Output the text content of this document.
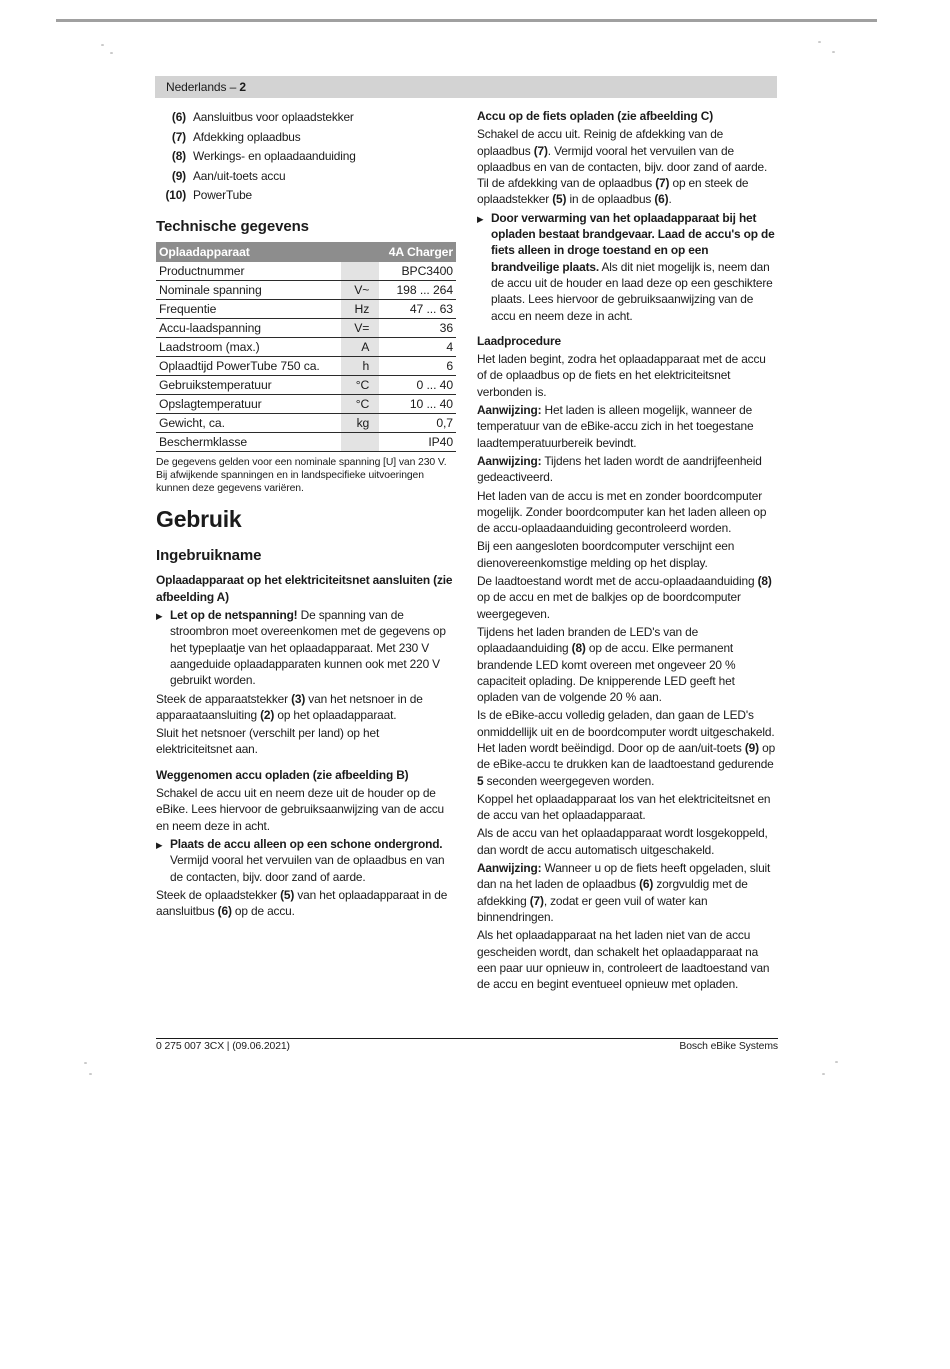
Nederlands – 2
(6) Aansluitbus voor oplaadstekker
(7) Afdekking oplaadbus
(8) Werkings- en oplaadaanduiding
(9) Aan/uit-toets accu
(10) PowerTube
Technische gegevens
Oplaadapparaat		4A Charger
Productnummer		BPC3400
Nominale spanning	V~	198 ... 264
Frequentie	Hz	47 ... 63
Accu-laadspanning	V=	36
Laadstroom (max.)	A	4
Oplaadtijd PowerTube 750 ca.	h	6
Gebruikstemperatuur	°C	0 ... 40
Opslagtemperatuur	°C	10 ... 40
Gewicht, ca.	kg	0,7
Beschermklasse		IP40
De gegevens gelden voor een nominale spanning [U] van 230 V. Bij afwijkende spanningen en in landspecifieke uitvoeringen kunnen deze gegevens variëren.
Gebruik
Ingebruikname
Oplaadapparaat op het elektriciteitsnet aansluiten (zie afbeelding A)
▶ Let op de netspanning! De spanning van de stroombron moet overeenkomen met de gegevens op het typeplaatje van het oplaadapparaat. Met 230 V aangeduide oplaadapparaten kunnen ook met 220 V gebruikt worden.
Steek de apparaatstekker (3) van het netsnoer in de apparaataansluiting (2) op het oplaadapparaat.
Sluit het netsnoer (verschilt per land) op het elektriciteitsnet aan.
Weggenomen accu opladen (zie afbeelding B)
Schakel de accu uit en neem deze uit de houder op de eBike. Lees hiervoor de gebruiksaanwijzing van de accu en neem deze in acht.
▶ Plaats de accu alleen op een schone ondergrond. Vermijd vooral het vervuilen van de oplaadbus en van de contacten, bijv. door zand of aarde.
Steek de oplaadstekker (5) van het oplaadapparaat in de aansluitbus (6) op de accu.
Accu op de fiets opladen (zie afbeelding C)
Schakel de accu uit. Reinig de afdekking van de oplaadbus (7). Vermijd vooral het vervuilen van de oplaadbus en van de contacten, bijv. door zand of aarde. Til de afdekking van de oplaadbus (7) op en steek de oplaadstekker (5) in de oplaadbus (6).
▶ Door verwarming van het oplaadapparaat bij het opladen bestaat brandgevaar. Laad de accu's op de fiets alleen in droge toestand en op een brandveilige plaats. Als dit niet mogelijk is, neem dan de accu uit de houder en laad deze op een geschiktere plaats. Lees hiervoor de gebruiksaanwijzing van de accu en neem deze in acht.
Laadprocedure
Het laden begint, zodra het oplaadapparaat met de accu of de oplaadbus op de fiets en het elektriciteitsnet verbonden is.
Aanwijzing: Het laden is alleen mogelijk, wanneer de temperatuur van de eBike-accu zich in het toegestane laadtemperatuurbereik bevindt.
Aanwijzing: Tijdens het laden wordt de aandrijfeenheid gedeactiveerd.
Het laden van de accu is met en zonder boordcomputer mogelijk. Zonder boordcomputer kan het laden alleen op de accu-oplaadaanduiding gecontroleerd worden.
Bij een aangesloten boordcomputer verschijnt een dienovereenkomstige melding op het display.
De laadtoestand wordt met de accu-oplaadaanduiding (8) op de accu en met de balkjes op de boordcomputer weergegeven.
Tijdens het laden branden de LED's van de oplaadaanduiding (8) op de accu. Elke permanent brandende LED komt overeen met ongeveer 20 % capaciteit oplading. De knipperende LED geeft het opladen van de volgende 20 % aan.
Is de eBike-accu volledig geladen, dan gaan de LED's onmiddellijk uit en de boordcomputer wordt uitgeschakeld. Het laden wordt beëindigd. Door op de aan/uit-toets (9) op de eBike-accu te drukken kan de laadtoestand gedurende 5 seconden weergegeven worden.
Koppel het oplaadapparaat los van het elektriciteitsnet en de accu van het oplaadapparaat.
Als de accu van het oplaadapparaat wordt losgekoppeld, dan wordt de accu automatisch uitgeschakeld.
Aanwijzing: Wanneer u op de fiets heeft opgeladen, sluit dan na het laden de oplaadbus (6) zorgvuldig met de afdekking (7), zodat er geen vuil of water kan binnendringen.
Als het oplaadapparaat na het laden niet van de accu gescheiden wordt, dan schakelt het oplaadapparaat na een paar uur opnieuw in, controleert de laadtoestand van de accu en begint eventueel opnieuw met opladen.
0 275 007 3CX | (09.06.2021)	Bosch eBike Systems
